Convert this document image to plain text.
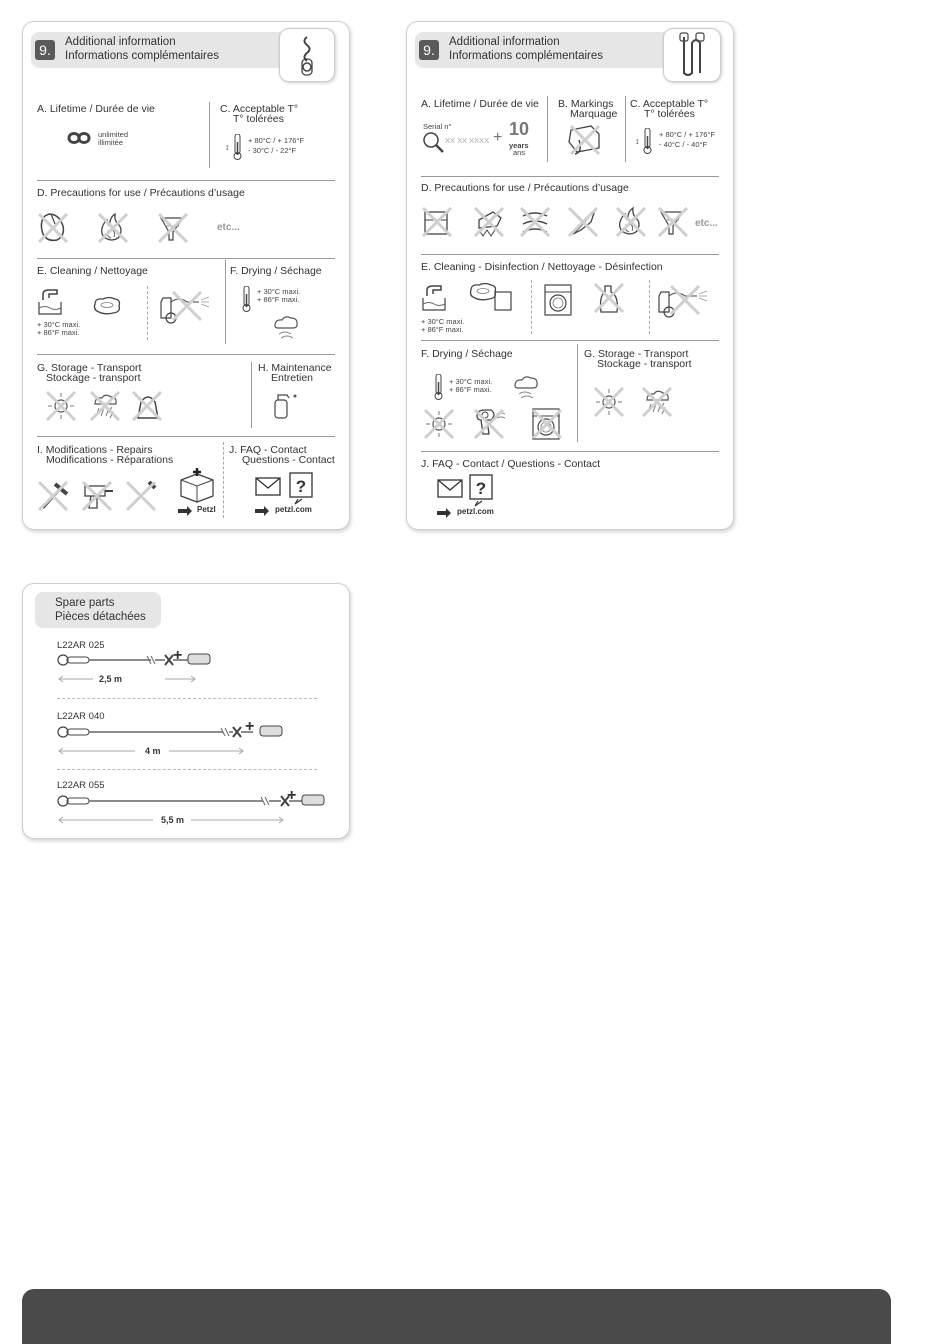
9.	Additional information
Informations complémentaires
A. Lifetime / Durée de vie
unlimited
illimitée
C. Acceptable T°
T° tolérées
↕
+ 80°C / + 176°F
- 30°C / - 22°F
D. Precautions for use / Précautions d’usage
etc...
E. Cleaning / Nettoyage
+ 30°C maxi.
+ 86°F maxi.
F. Drying / Séchage
+ 30°C maxi.
+ 86°F maxi.
G. Storage - Transport
Stockage - transport
H. Maintenance
Entretien
I. Modifications - Repairs
Modifications - Réparations
Petzl
J. FAQ - Contact
Questions - Contact
petzl.com
9.	Additional information
Informations complémentaires
A. Lifetime / Durée de vie
Serial n°
XX XX XXXX + 10
years
ans
B. Markings
Marquage
C. Acceptable T°
T° tolérées
↕
+ 80°C / + 176°F
- 40°C / - 40°F
D. Precautions for use / Précautions d’usage
etc...
E. Cleaning - Disinfection / Nettoyage - Désinfection
+ 30°C maxi.
+ 86°F maxi.
F. Drying / Séchage
+ 30°C maxi.
+ 86°F maxi.
G. Storage - Transport
Stockage - transport
J. FAQ - Contact / Questions - Contact
petzl.com
Spare parts
Pièces détachées
L22AR 025
+
2,5 m
L22AR 040
+
4 m
L22AR 055
+
5,5 m
